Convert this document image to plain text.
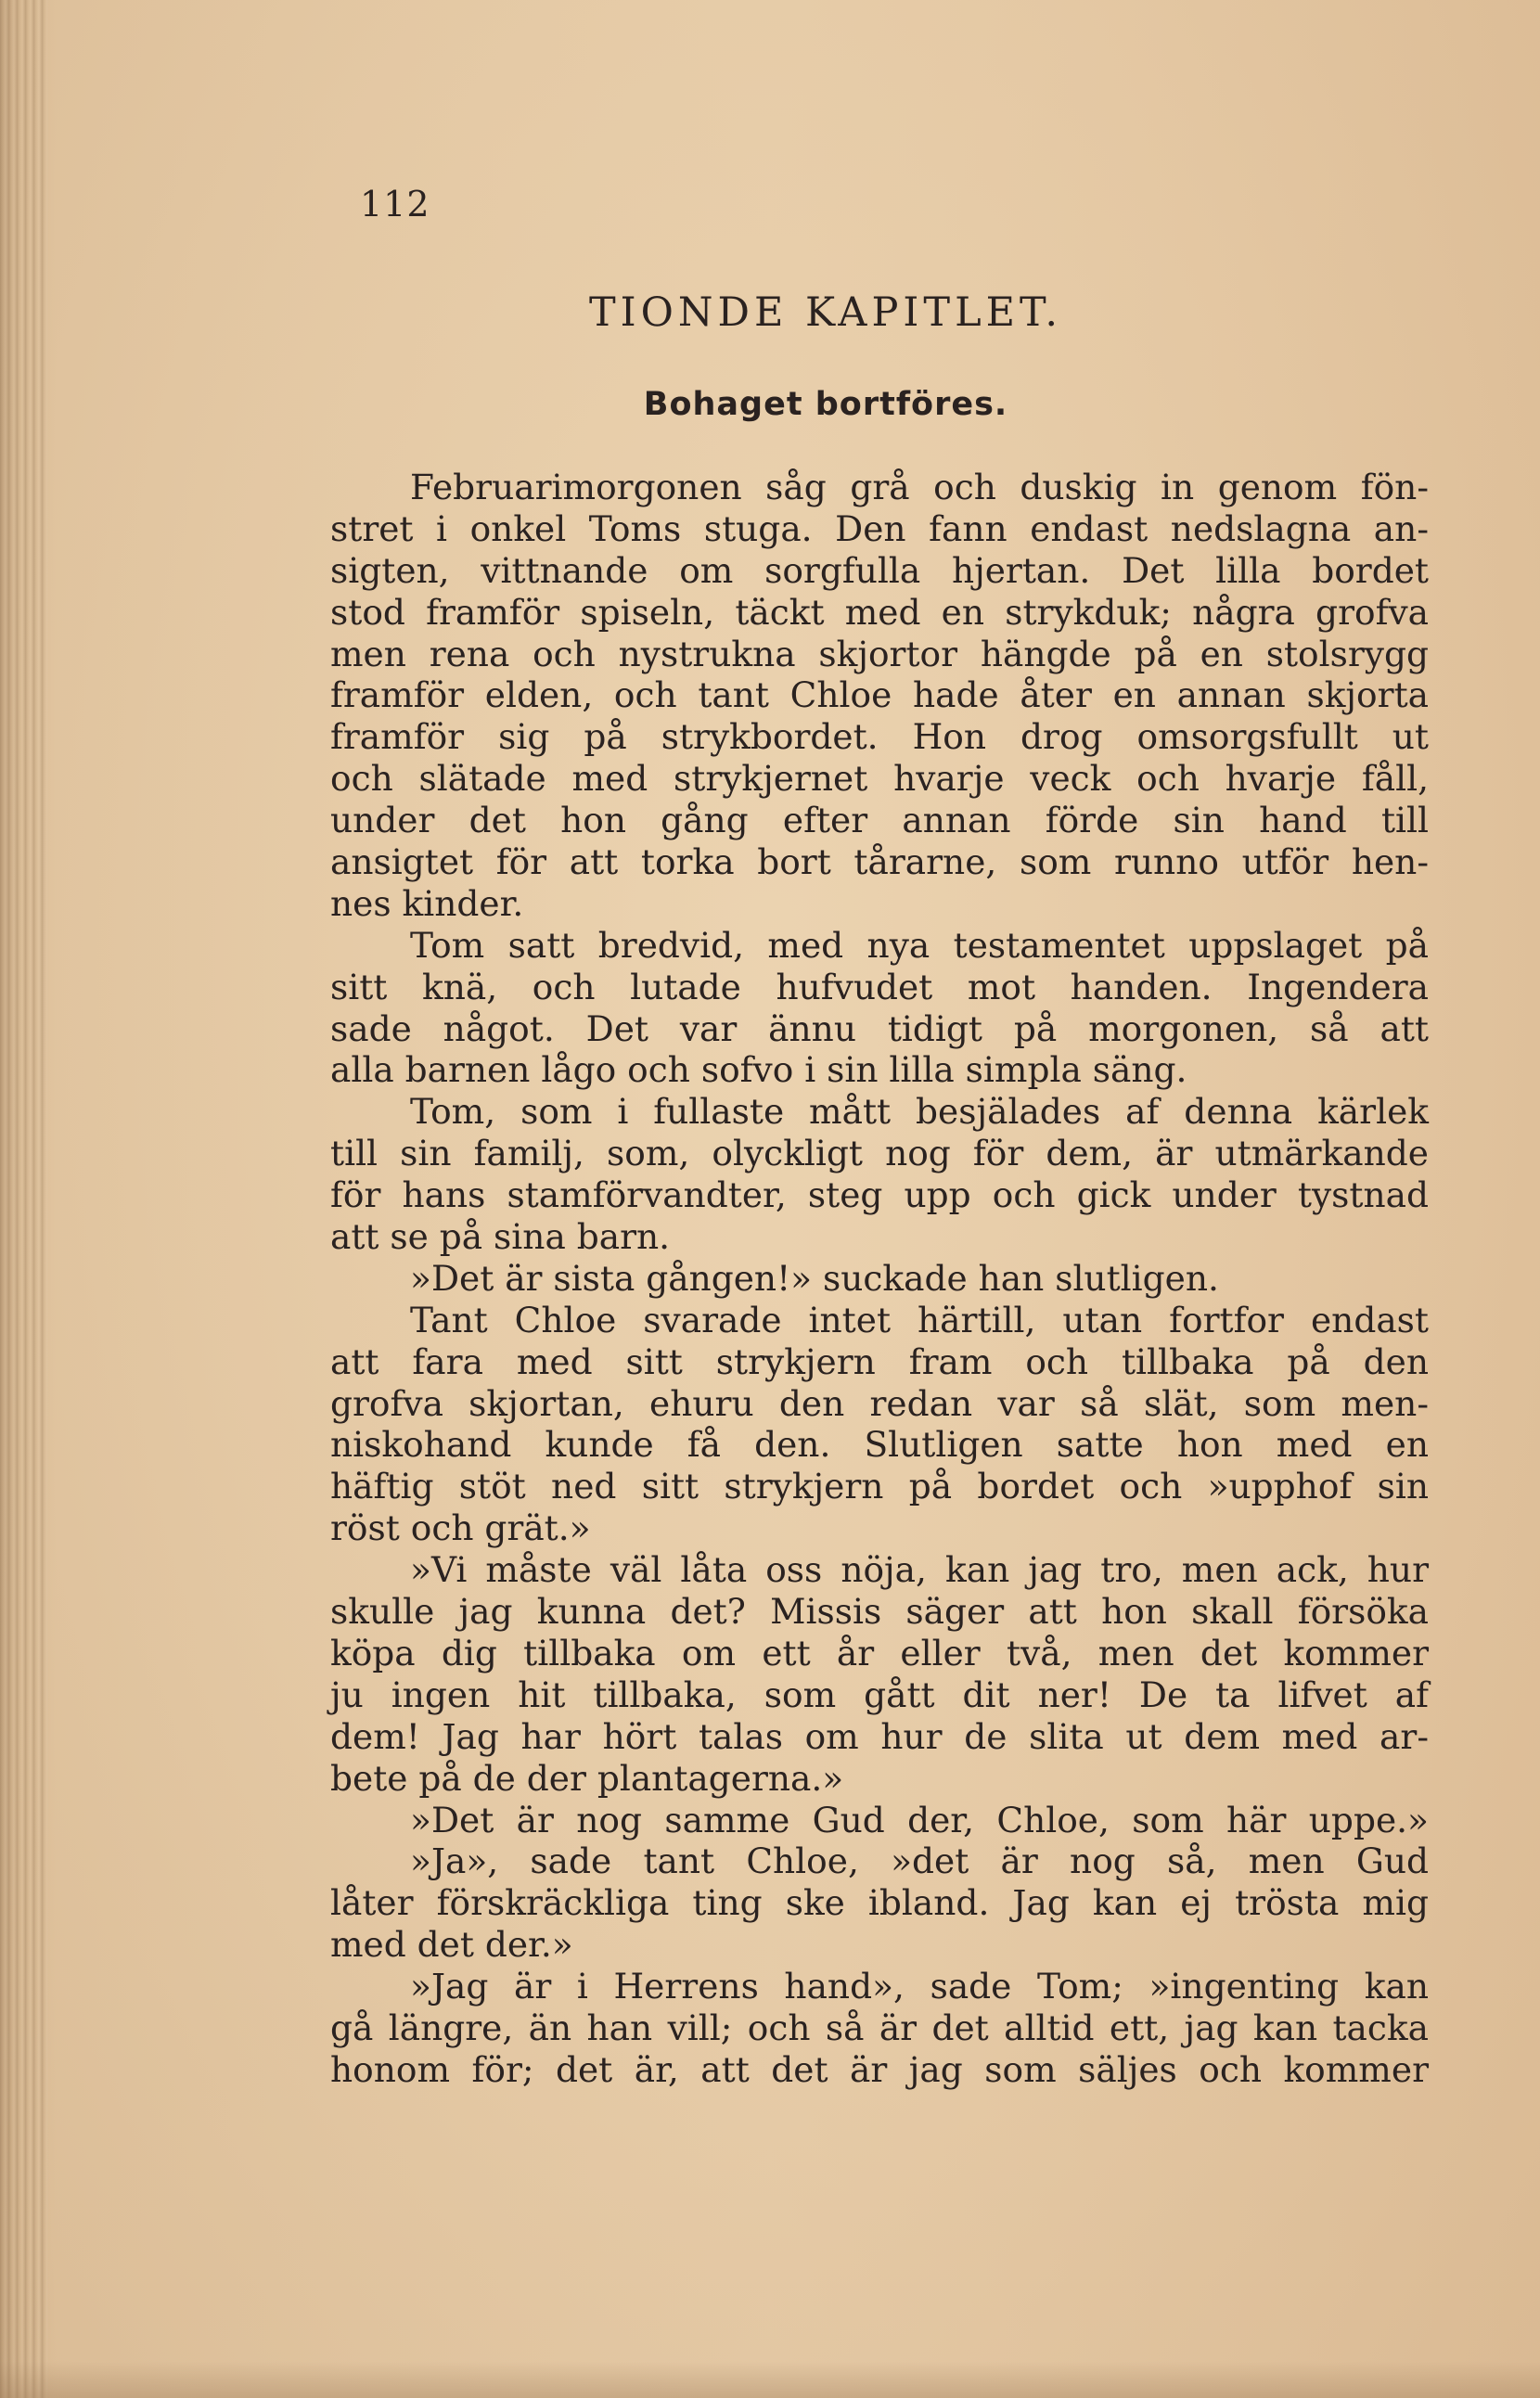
112
TIONDE KAPITLET.
Bohaget bortföres.
Februarimorgonen såg grå och duskig in genom fön-
stret i onkel Toms stuga. Den fann endast nedslagna an-
sigten, vittnande om sorgfulla hjertan. Det lilla bordet
stod framför spiseln, täckt med en strykduk; några grofva
men rena och nystrukna skjortor hängde på en stolsrygg
framför elden, och tant Chloe hade åter en annan skjorta
framför sig på strykbordet. Hon drog omsorgsfullt ut
och slätade med strykjernet hvarje veck och hvarje fåll,
under det hon gång efter annan förde sin hand till
ansigtet för att torka bort tårarne, som runno utför hen-
nes kinder.
Tom satt bredvid, med nya testamentet uppslaget på
sitt knä, och lutade hufvudet mot handen. Ingendera
sade något. Det var ännu tidigt på morgonen, så att
alla barnen lågo och sofvo i sin lilla simpla säng.
Tom, som i fullaste mått besjälades af denna kärlek
till sin familj, som, olyckligt nog för dem, är utmärkande
för hans stamförvandter, steg upp och gick under tystnad
att se på sina barn.
»Det är sista gången!» suckade han slutligen.
Tant Chloe svarade intet härtill, utan fortfor endast
att fara med sitt strykjern fram och tillbaka på den
grofva skjortan, ehuru den redan var så slät, som men-
niskohand kunde få den. Slutligen satte hon med en
häftig stöt ned sitt strykjern på bordet och »upphof sin
röst och grät.»
»Vi måste väl låta oss nöja, kan jag tro, men ack, hur
skulle jag kunna det? Missis säger att hon skall försöka
köpa dig tillbaka om ett år eller två, men det kommer
ju ingen hit tillbaka, som gått dit ner! De ta lifvet af
dem! Jag har hört talas om hur de slita ut dem med ar-
bete på de der plantagerna.»
»Det är nog samme Gud der, Chloe, som här uppe.»
»Ja», sade tant Chloe, »det är nog så, men Gud
låter förskräckliga ting ske ibland. Jag kan ej trösta mig
med det der.»
»Jag är i Herrens hand», sade Tom; »ingenting kan
gå längre, än han vill; och så är det alltid ett, jag kan tacka
honom för; det är, att det är jag som säljes och kommer
